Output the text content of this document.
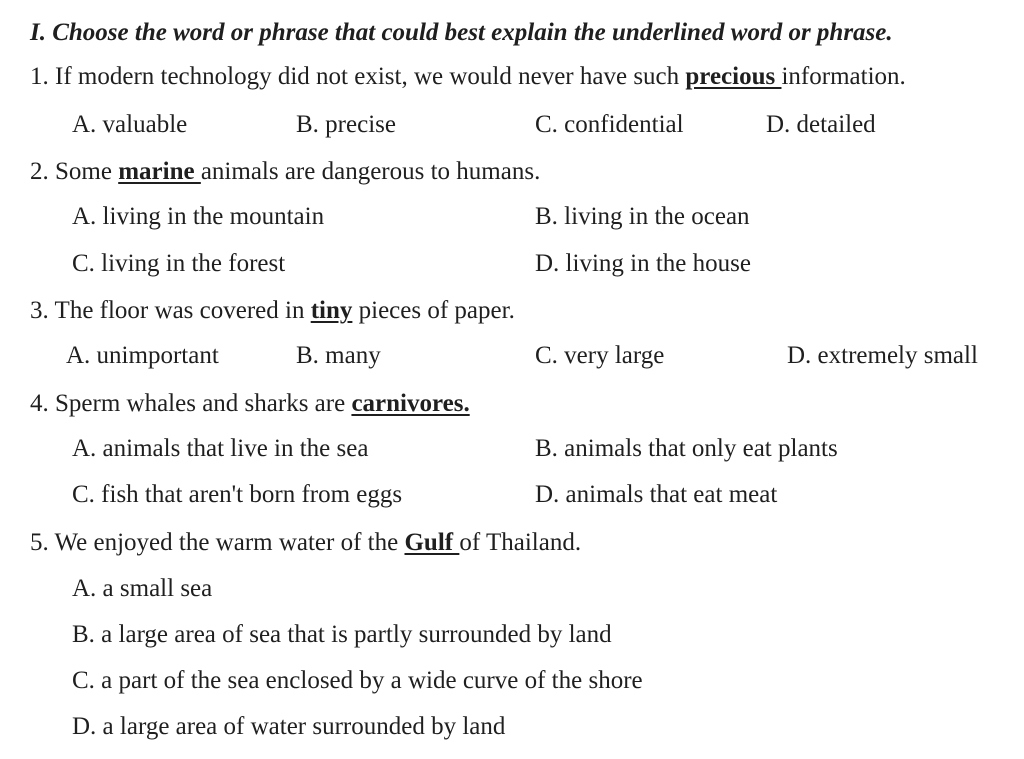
I. Choose the word or phrase that could best explain the underlined word or phrase.
1. If modern technology did not exist, we would never have such precious information.
A. valuable	B. precise	C. confidential	D. detailed
2. Some marine animals are dangerous to humans.
A. living in the mountain	B. living in the ocean
C. living in the forest	D. living in the house
3. The floor was covered in tiny pieces of paper.
A. unimportant	B. many	C. very large	D. extremely small
4. Sperm whales and sharks are carnivores.
A. animals that live in the sea	B. animals that only eat plants
C. fish that aren't born from eggs	D. animals that eat meat
5. We enjoyed the warm water of the Gulf of Thailand.
A. a small sea
B. a large area of sea that is partly surrounded by land
C. a part of the sea enclosed by a wide curve of the shore
D. a large area of water surrounded by land
